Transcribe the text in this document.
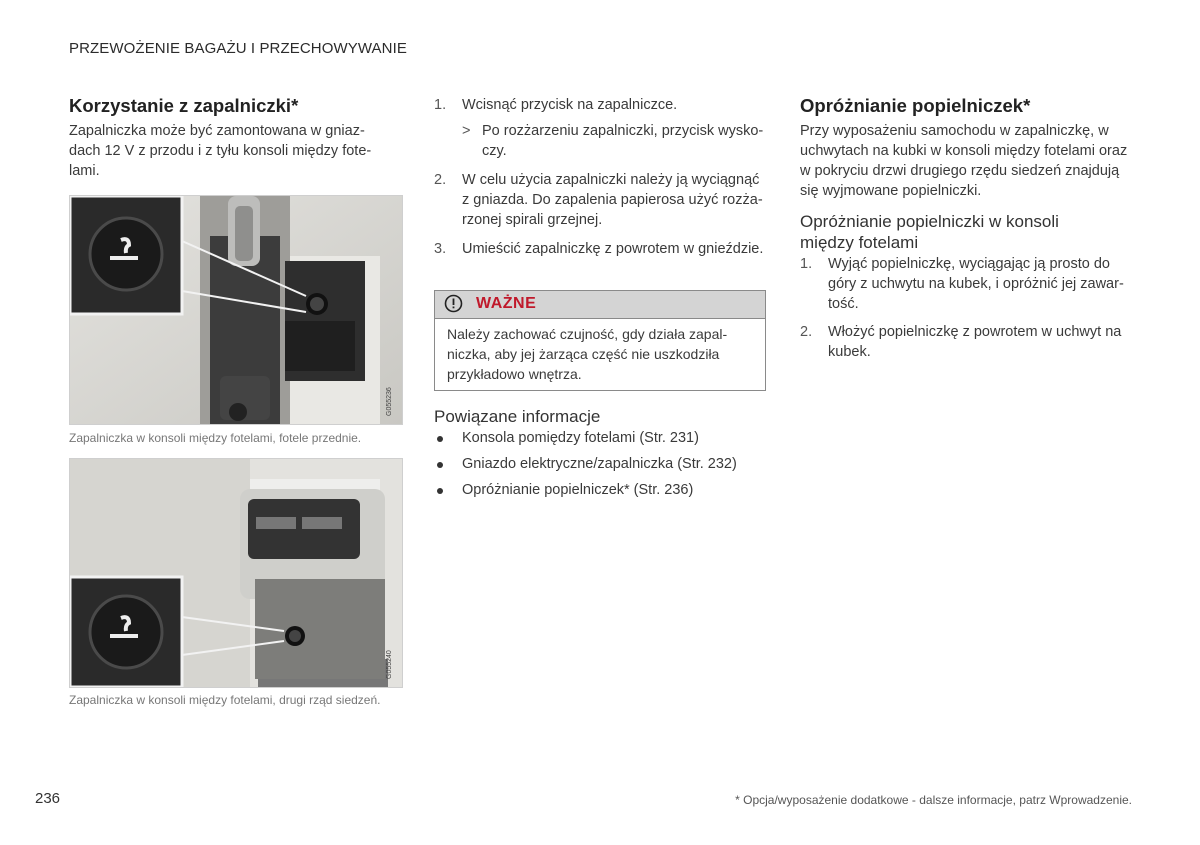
PRZEWOŻENIE BAGAŻU I PRZECHOWYWANIE
Korzystanie z zapalniczki*

Zapalniczka może być zamontowana w gniazdach 12 V z przodu i z tyłu konsoli między fotelami.

G055236

Zapalniczka w konsoli między fotelami, fotele przednie.

G055240

Zapalniczka w konsoli między fotelami, drugi rząd siedzeń.

1. Wcisnąć przycisk na zapalniczce.
> Po rozżarzeniu zapalniczki, przycisk wyskoczy.
2. W celu użycia zapalniczki należy ją wyciągnąć z gniazda. Do zapalenia papierosa użyć rozżarzonej spirali grzejnej.
3. Umieścić zapalniczkę z powrotem w gnieździe.
WAŻNE
Należy zachować czujność, gdy działa zapalniczka, aby jej żarząca część nie uszkodziła przykładowo wnętrza.
Powiązane informacje
Konsola pomiędzy fotelami (Str. 231)
Gniazdo elektryczne/zapalniczka (Str. 232)
Opróżnianie popielniczek* (Str. 236)
Opróżnianie popielniczek*

Przy wyposażeniu samochodu w zapalniczkę, w uchwytach na kubki w konsoli między fotelami oraz w pokryciu drzwi drugiego rzędu siedzeń znajdują się wyjmowane popielniczki.

Opróżnianie popielniczki w konsoli między fotelami
1. Wyjąć popielniczkę, wyciągając ją prosto do góry z uchwytu na kubek, i opróżnić jej zawartość.
2. Włożyć popielniczkę z powrotem w uchwyt na kubek.
236	* Opcja/wyposażenie dodatkowe - dalsze informacje, patrz Wprowadzenie.
